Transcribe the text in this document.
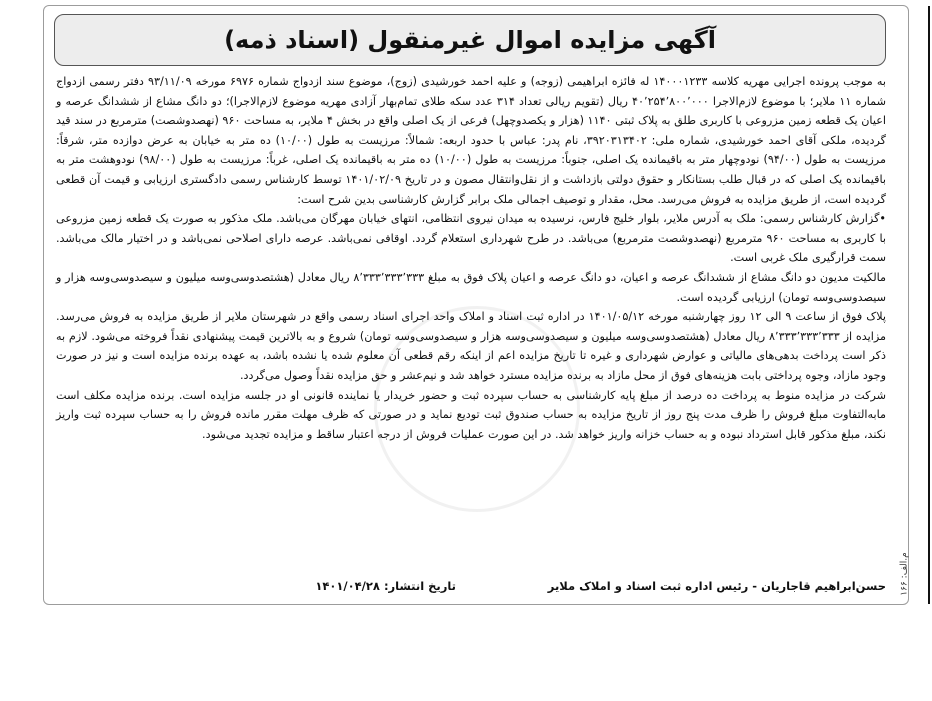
آگهی مزایده اموال غیرمنقول (اسناد ذمه)

به موجب پرونده اجرایی مهریه کلاسه ۱۴۰۰۰۱۲۳۳ له فائزه ابراهیمی (زوجه) و علیه احمد خورشیدی (زوج)، موضوع سند ازدواج شماره ۶۹۷۶ مورخه ۹۳/۱۱/۰۹ دفتر رسمی ازدواج شماره ۱۱ ملایر؛ با موضوع لازم‌الاجرا ۴۰٬۲۵۴٬۸۰۰٬۰۰۰ ریال (تقویم ریالی تعداد ۳۱۴ عدد سکه طلای تمام‌بهار آزادی مهریه موضوع لازم‌الاجرا)؛ دو دانگ مشاع از ششدانگ عرصه و اعیان یک قطعه زمین مزروعی با کاربری طلق به پلاک ثبتی ۱۱۴۰ (هزار و یکصدوچهل) فرعی از یک اصلی واقع در بخش ۴ ملایر، به مساحت ۹۶۰ (نهصدوشصت) مترمربع در سند قید گردیده، ملکی آقای احمد خورشیدی، شماره ملی: ۳۹۲۰۳۱۳۴۰۲، نام پدر: عباس با حدود اربعه: شمالاً: مرزیست به طول (۱۰/۰۰) ده متر به خیابان به عرض دوازده متر، شرقاً: مرزیست به طول (۹۴/۰۰) نودوچهار متر به باقیمانده یک اصلی، جنوباً: مرزیست به طول (۱۰/۰۰) ده متر به باقیمانده یک اصلی، غرباً: مرزیست به طول (۹۸/۰۰) نودوهشت متر به باقیمانده یک اصلی که در قبال طلب بستانکار و حقوق دولتی بازداشت و از نقل‌وانتقال مصون و در تاریخ ۱۴۰۱/۰۲/۰۹ توسط کارشناس رسمی دادگستری ارزیابی و قیمت آن قطعی گردیده است، از طریق مزایده به فروش می‌رسد. محل، مقدار و توصیف اجمالی ملک برابر گزارش کارشناسی بدین شرح است:

•گزارش کارشناس رسمی: ملک به آدرس ملایر، بلوار خلیج فارس، نرسیده به میدان نیروی انتظامی، انتهای خیابان مهرگان می‌باشد. ملک مذکور به صورت یک قطعه زمین مزروعی با کاربری به مساحت ۹۶۰ مترمربع (نهصدوشصت مترمربع) می‌باشد. در طرح شهرداری استعلام گردد. اوقافی نمی‌باشد. عرصه دارای اصلاحی نمی‌باشد و در اختیار مالک می‌باشد. سمت قرارگیری ملک غربی است.

مالکیت مدیون دو دانگ مشاع از ششدانگ عرصه و اعیان، دو دانگ عرصه و اعیان پلاک فوق به مبلغ ۸٬۳۳۳٬۳۳۳٬۳۳۳ ریال معادل (هشتصدوسی‌وسه میلیون و سیصدوسی‌وسه هزار و سیصدوسی‌وسه تومان) ارزیابی گردیده است.

پلاک فوق از ساعت ۹ الی ۱۲ روز چهارشنبه مورخه ۱۴۰۱/۰۵/۱۲ در اداره ثبت اسناد و املاک واحد اجرای اسناد رسمی واقع در شهرستان ملایر از طریق مزایده به فروش می‌رسد. مزایده از ۸٬۳۳۳٬۳۳۳٬۳۳۳ ریال معادل (هشتصدوسی‌وسه میلیون و سیصدوسی‌وسه هزار و سیصدوسی‌وسه تومان) شروع و به بالاترین قیمت پیشنهادی نقداً فروخته می‌شود. لازم به ذکر است پرداخت بدهی‌های مالیاتی و عوارض شهرداری و غیره تا تاریخ مزایده اعم از اینکه رقم قطعی آن معلوم شده یا نشده باشد، به عهده برنده مزایده است و نیز در صورت وجود مازاد، وجوه پرداختی بابت هزینه‌های فوق از محل مازاد به برنده مزایده مسترد خواهد شد و نیم‌عشر و حق مزایده نقداً وصول می‌گردد.

شرکت در مزایده منوط به پرداخت ده درصد از مبلغ پایه کارشناسی به حساب سپرده ثبت و حضور خریدار یا نماینده قانونی او در جلسه مزایده است. برنده مزایده مکلف است مابه‌التفاوت مبلغ فروش را ظرف مدت پنج روز از تاریخ مزایده به حساب صندوق ثبت تودیع نماید و در صورتی که ظرف مهلت مقرر مانده فروش را به حساب سپرده ثبت واریز نکند، مبلغ مذکور قابل استرداد نبوده و به حساب خزانه واریز خواهد شد. در این صورت عملیات فروش از درجه اعتبار ساقط و مزایده تجدید می‌شود.

حسن‌ابراهیم قاجاریان - رئیس اداره ثبت اسناد و املاک ملایر
تاریخ انتشار: ۱۴۰۱/۰۴/۲۸	م.الف: ۱۶۶
